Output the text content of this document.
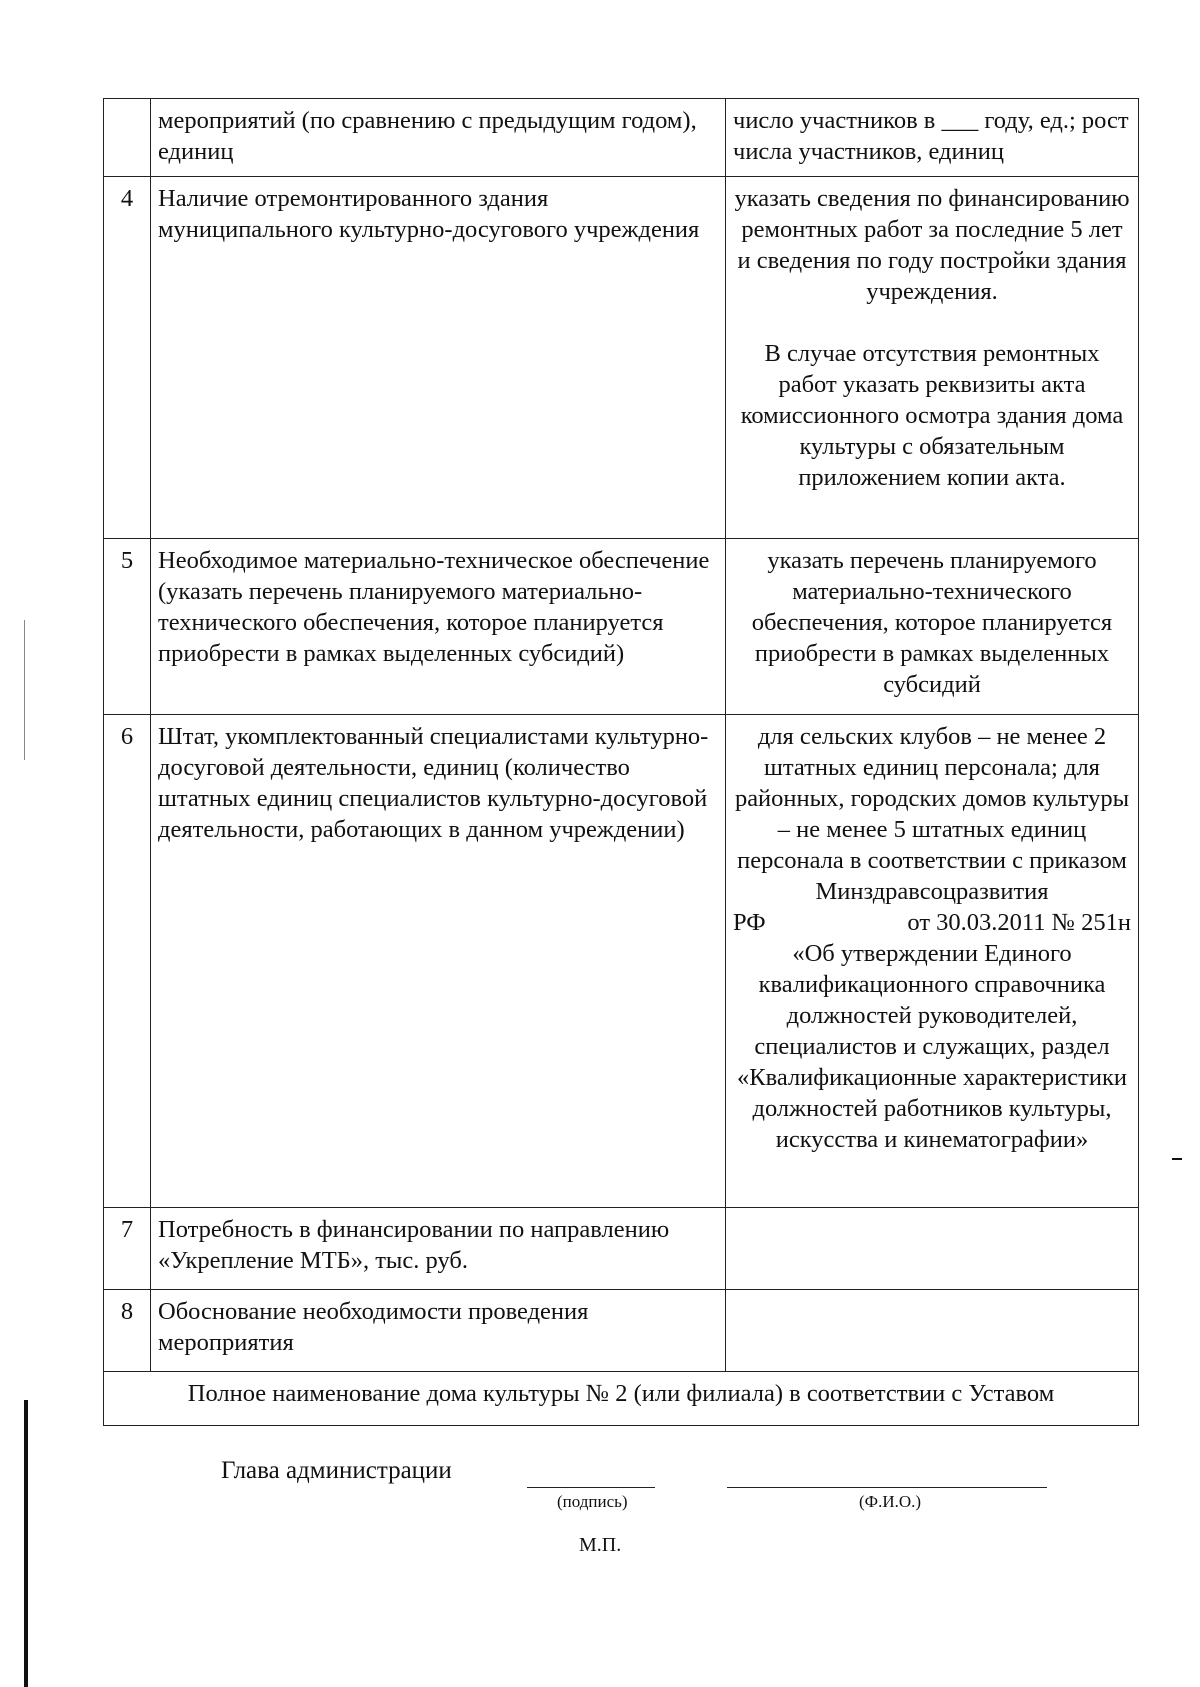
	мероприятий (по сравнению с предыдущим годом), единиц	число участников в ___ году, ед.; рост числа участников, единиц
4	Наличие отремонтированного здания муниципального культурно-досугового учреждения	указать сведения по финансированию ремонтных работ за последние 5 лет и сведения по году постройки здания учреждения.
В случае отсутствия ремонтных работ указать реквизиты акта комиссионного осмотра здания дома культуры с обязательным приложением копии акта.

5	Необходимое материально-техническое обеспечение (указать перечень планируемого материально-технического обеспечения, которое планируется приобрести в рамках выделенных субсидий)	указать перечень планируемого материально-технического обеспечения, которое планируется приобрести в рамках выделенных субсидий
6	Штат, укомплектованный специалистами культурно-досуговой деятельности, единиц (количество штатных единиц специалистов культурно-досуговой деятельности, работающих в данном учреждении)	для сельских клубов – не менее 2 штатных единиц персонала; для районных, городских домов культуры – не менее 5 штатных единиц персонала в соответствии с приказом Минздравсоцразвития
РФ от 30.03.2011 № 251н
«Об утверждении Единого квалификационного справочника должностей руководителей, специалистов и служащих, раздел «Квалификационные характеристики должностей работников культуры, искусства и кинематографии»

7	Потребность в финансировании по направлению «Укрепление МТБ», тыс. руб.	
8	Обоснование необходимости проведения мероприятия	
Полное наименование дома культуры № 2 (или филиала) в соответствии с Уставом		
Глава администрации
(подпись)	(Ф.И.О.)
М.П.
